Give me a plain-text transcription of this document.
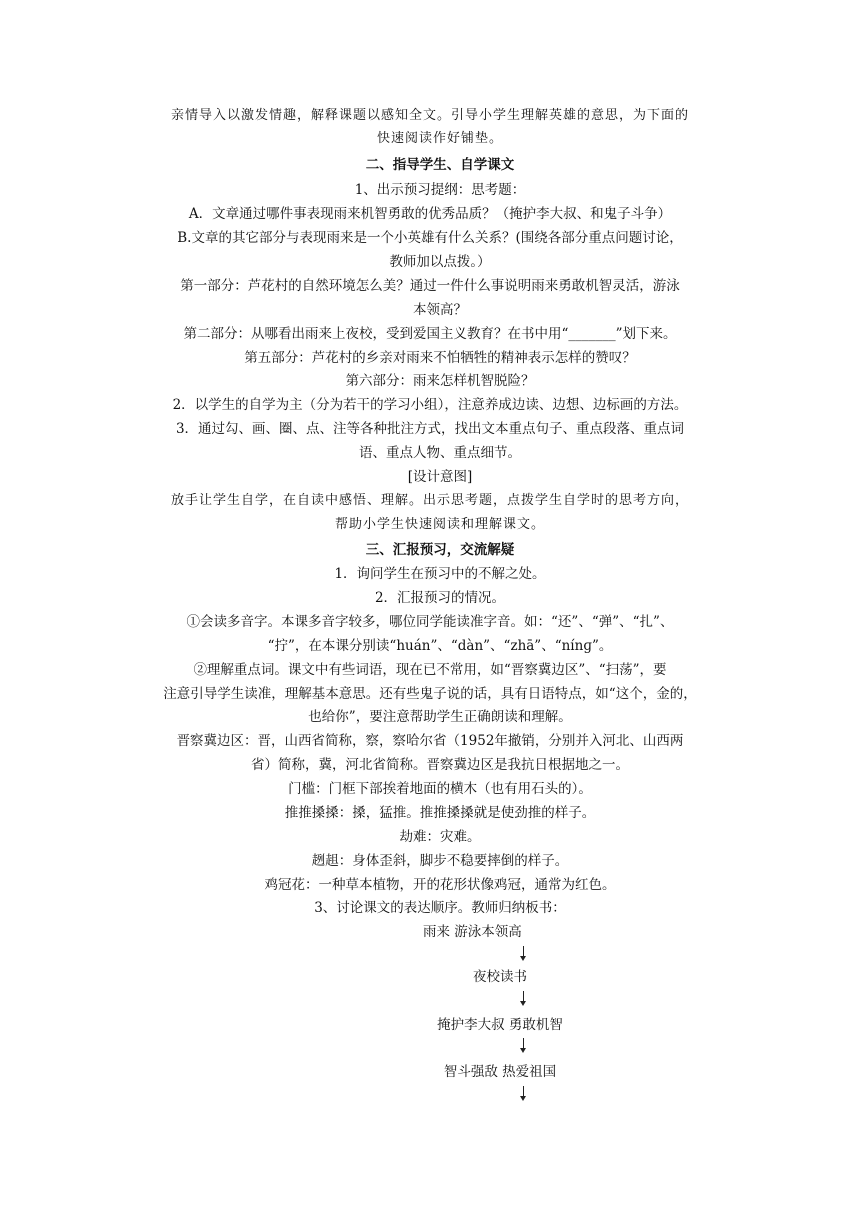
亲情导入以激发情趣，解释课题以感知全文。引导小学生理解英雄的意思，为下面的
快速阅读作好铺垫。
二、指导学生、自学课文
1、出示预习提纲：思考题：
A．文章通过哪件事表现雨来机智勇敢的优秀品质？（掩护李大叔、和鬼子斗争）
B.文章的其它部分与表现雨来是一个小英雄有什么关系？(围绕各部分重点问题讨论，
教师加以点拨。）
第一部分：芦花村的自然环境怎么美？通过一件什么事说明雨来勇敢机智灵活，游泳
本领高？
第二部分：从哪看出雨来上夜校，受到爱国主义教育？在书中用“_______”划下来。
第五部分：芦花村的乡亲对雨来不怕牺牲的精神表示怎样的赞叹？
第六部分：雨来怎样机智脱险？
2．以学生的自学为主（分为若干的学习小组），注意养成边读、边想、边标画的方法。
3．通过勾、画、圈、点、注等各种批注方式，找出文本重点句子、重点段落、重点词
语、重点人物、重点细节。
[设计意图]
放手让学生自学，在自读中感悟、理解。出示思考题，点拨学生自学时的思考方向，
帮助小学生快速阅读和理解课文。
三、汇报预习，交流解疑
1．询问学生在预习中的不解之处。
2．汇报预习的情况。
①会读多音字。本课多音字较多，哪位同学能读准字音。如：“还”、“弹”、“扎”、
“拧”，在本课分别读“huán”、“dàn”、“zhā”、“nínɡ”。
②理解重点词。课文中有些词语，现在已不常用，如“晋察冀边区”、“扫荡”，要
注意引导学生读准，理解基本意思。还有些鬼子说的话，具有日语特点，如“这个，金的，
也给你”，要注意帮助学生正确朗读和理解。
晋察冀边区：晋，山西省简称，察，察哈尔省（1952年撤销，分别并入河北、山西两
省）简称，冀，河北省简称。晋察冀边区是我抗日根据地之一。
门槛：门框下部挨着地面的横木（也有用石头的）。
推推搡搡：搡，猛推。推推搡搡就是使劲推的样子。
劫难：灾难。
趔趄：身体歪斜，脚步不稳要摔倒的样子。
鸡冠花：一种草本植物，开的花形状像鸡冠，通常为红色。
3、讨论课文的表达顺序。教师归纳板书：
雨来 游泳本领高
夜校读书
掩护李大叔 勇敢机智
智斗强敌 热爱祖国
